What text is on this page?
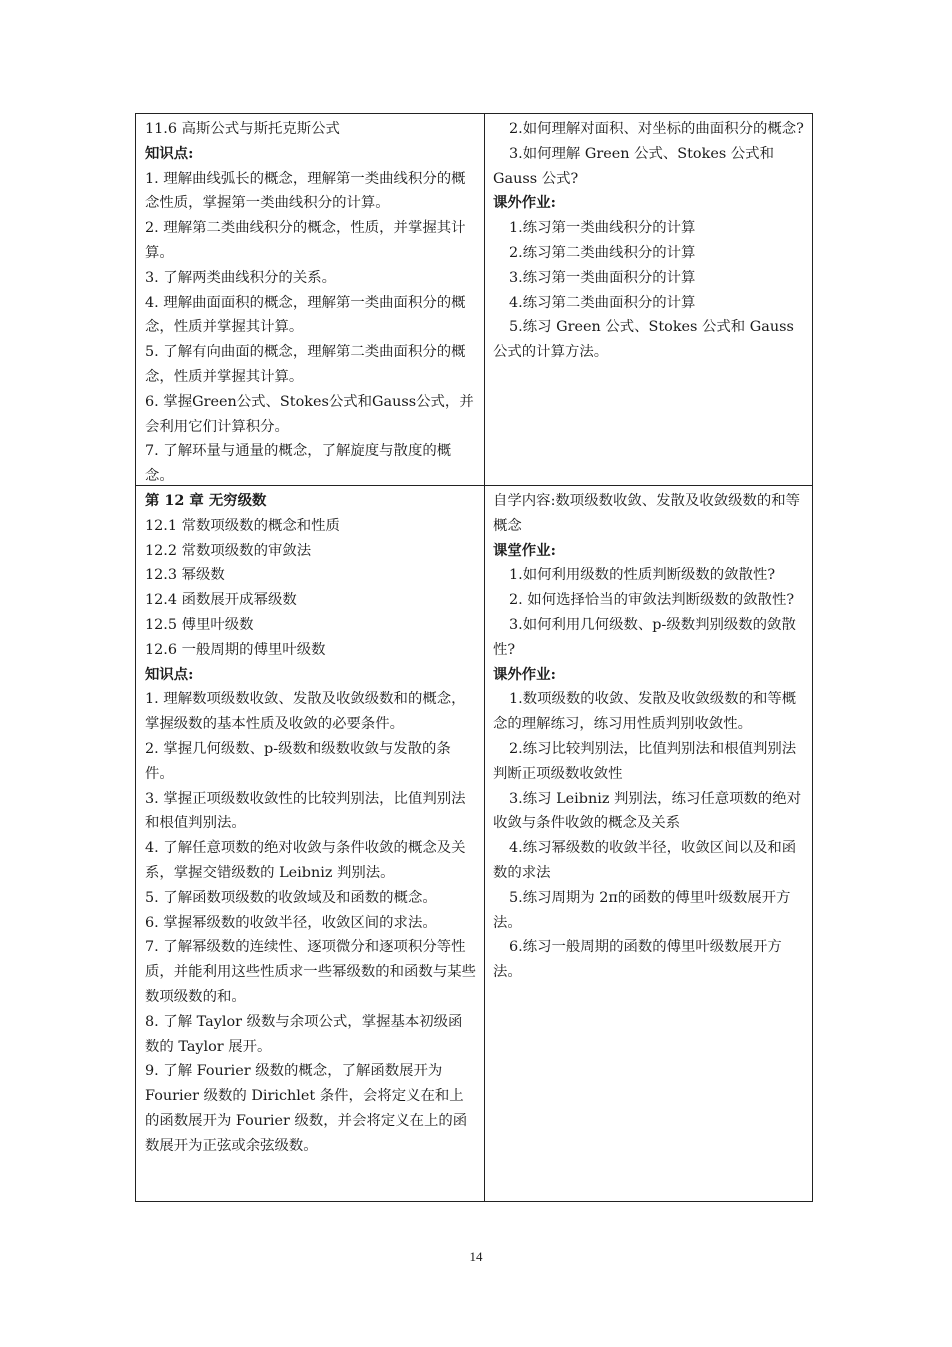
11.6 高斯公式与斯托克斯公式
知识点:
1. 理解曲线弧长的概念，理解第一类曲线积分的概念性质，掌握第一类曲线积分的计算。
2. 理解第二类曲线积分的概念，性质，并掌握其计算。
3. 了解两类曲线积分的关系。
4. 理解曲面面积的概念，理解第一类曲面积分的概念，性质并掌握其计算。
5. 了解有向曲面的概念，理解第二类曲面积分的概念，性质并掌握其计算。
6. 掌握Green公式、Stokes公式和Gauss公式，并会利用它们计算积分。
7. 了解环量与通量的概念，了解旋度与散度的概念。
2.如何理解对面积、对坐标的曲面积分的概念?
3.如何理解 Green 公式、Stokes 公式和 Gauss 公式?
课外作业:
1.练习第一类曲线积分的计算
2.练习第二类曲线积分的计算
3.练习第一类曲面积分的计算
4.练习第二类曲面积分的计算
5.练习 Green 公式、Stokes 公式和 Gauss 公式的计算方法。
第 12 章 无穷级数
12.1 常数项级数的概念和性质
12.2 常数项级数的审敛法
12.3 幂级数
12.4 函数展开成幂级数
12.5 傅里叶级数
12.6 一般周期的傅里叶级数
知识点:
1. 理解数项级数收敛、发散及收敛级数和的概念，掌握级数的基本性质及收敛的必要条件。
2. 掌握几何级数、p-级数和级数收敛与发散的条件。
3. 掌握正项级数收敛性的比较判别法，比值判别法和根值判别法。
4. 了解任意项数的绝对收敛与条件收敛的概念及关系，掌握交错级数的 Leibniz 判别法。
5. 了解函数项级数的收敛域及和函数的概念。
6. 掌握幂级数的收敛半径，收敛区间的求法。
7. 了解幂级数的连续性、逐项微分和逐项积分等性质，并能利用这些性质求一些幂级数的和函数与某些数项级数的和。
8. 了解 Taylor 级数与余项公式，掌握基本初级函数的 Taylor 展开。
9. 了解 Fourier 级数的概念，了解函数展开为 Fourier 级数的 Dirichlet 条件，会将定义在和上的函数展开为 Fourier 级数，并会将定义在上的函数展开为正弦或余弦级数。
自学内容:数项级数收敛、发散及收敛级数的和等概念
课堂作业:
1.如何利用级数的性质判断级数的敛散性?
2. 如何选择恰当的审敛法判断级数的敛散性?
3.如何利用几何级数、p-级数判别级数的敛散性?
课外作业:
1.数项级数的收敛、发散及收敛级数的和等概念的理解练习，练习用性质判别收敛性。
2.练习比较判别法，比值判别法和根值判别法判断正项级数收敛性
3.练习 Leibniz 判别法，练习任意项数的绝对收敛与条件收敛的概念及关系
4.练习幂级数的收敛半径，收敛区间以及和函数的求法
5.练习周期为 2π的函数的傅里叶级数展开方法。
6.练习一般周期的函数的傅里叶级数展开方法。
14
